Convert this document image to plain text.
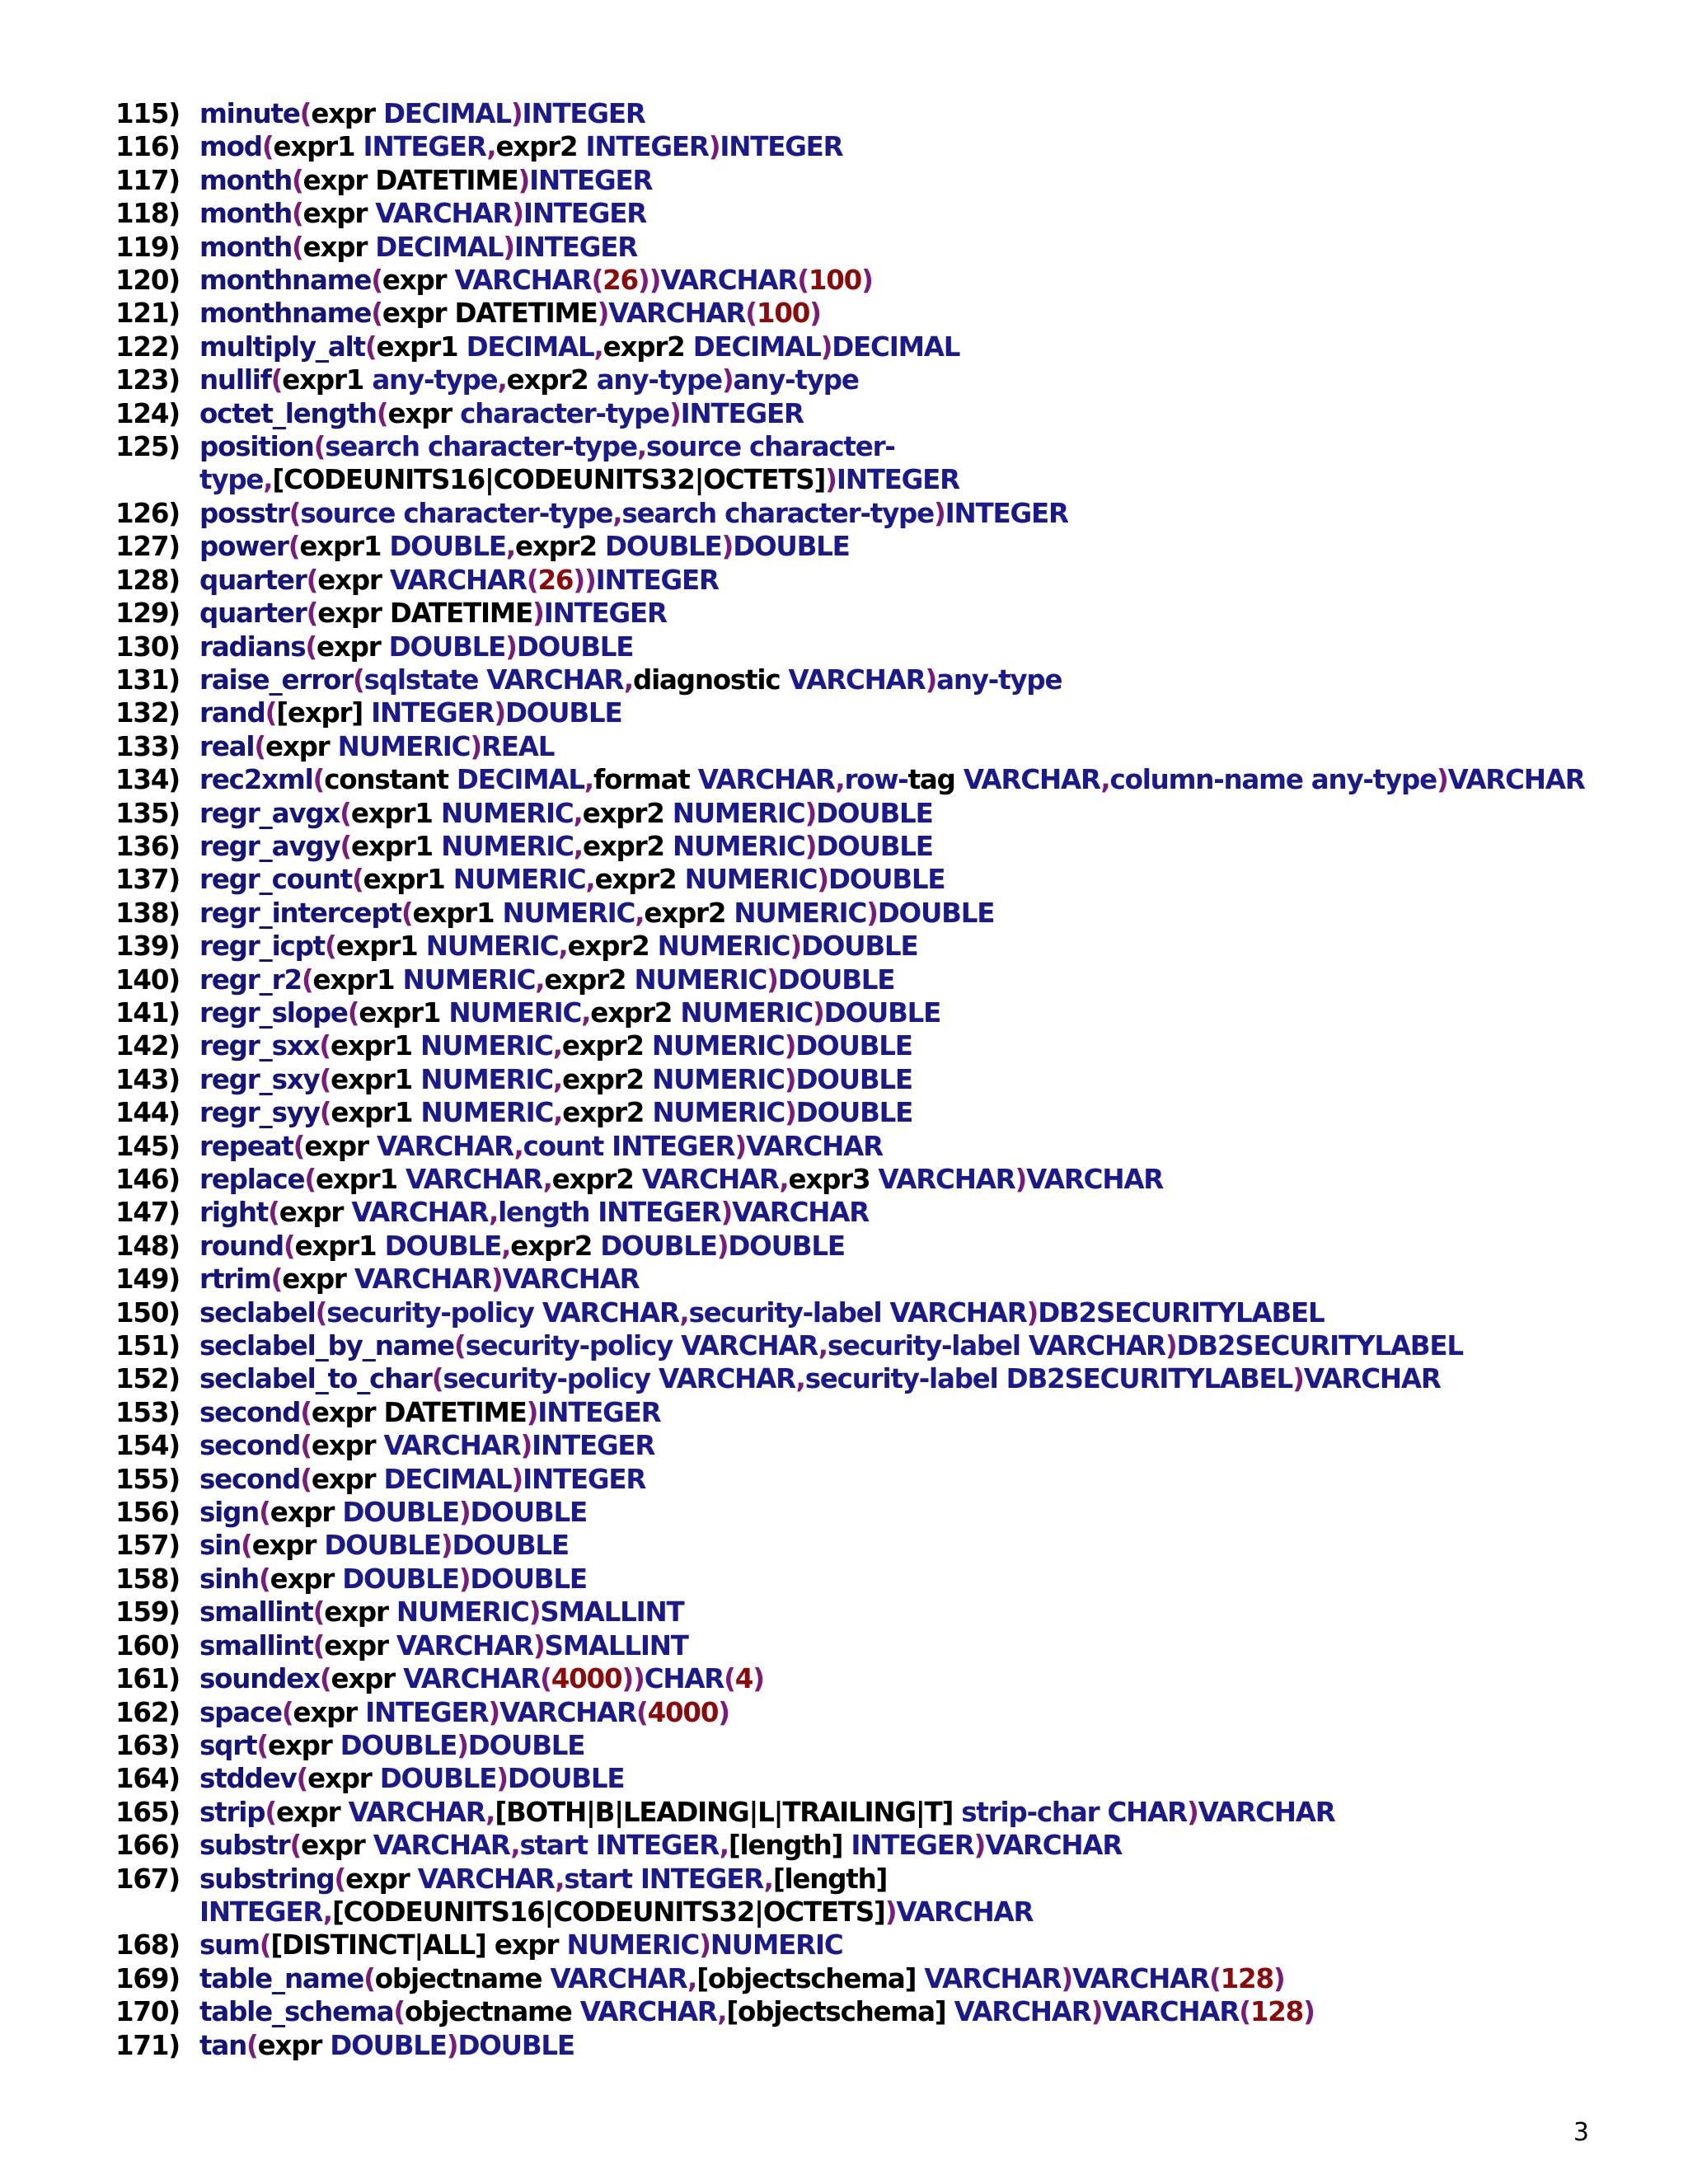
115) minute(expr DECIMAL)INTEGER
116) mod(expr1 INTEGER,expr2 INTEGER)INTEGER
117) month(expr DATETIME)INTEGER
118) month(expr VARCHAR)INTEGER
119) month(expr DECIMAL)INTEGER
120) monthname(expr VARCHAR(26))VARCHAR(100)
121) monthname(expr DATETIME)VARCHAR(100)
122) multiply_alt(expr1 DECIMAL,expr2 DECIMAL)DECIMAL
123) nullif(expr1 any-type,expr2 any-type)any-type
124) octet_length(expr character-type)INTEGER
125) position(search character-type,source character-
type,[CODEUNITS16|CODEUNITS32|OCTETS])INTEGER
126) posstr(source character-type,search character-type)INTEGER
127) power(expr1 DOUBLE,expr2 DOUBLE)DOUBLE
128) quarter(expr VARCHAR(26))INTEGER
129) quarter(expr DATETIME)INTEGER
130) radians(expr DOUBLE)DOUBLE
131) raise_error(sqlstate VARCHAR,diagnostic VARCHAR)any-type
132) rand([expr] INTEGER)DOUBLE
133) real(expr NUMERIC)REAL
134) rec2xml(constant DECIMAL,format VARCHAR,row-tag VARCHAR,column-name any-type)VARCHAR
135) regr_avgx(expr1 NUMERIC,expr2 NUMERIC)DOUBLE
136) regr_avgy(expr1 NUMERIC,expr2 NUMERIC)DOUBLE
137) regr_count(expr1 NUMERIC,expr2 NUMERIC)DOUBLE
138) regr_intercept(expr1 NUMERIC,expr2 NUMERIC)DOUBLE
139) regr_icpt(expr1 NUMERIC,expr2 NUMERIC)DOUBLE
140) regr_r2(expr1 NUMERIC,expr2 NUMERIC)DOUBLE
141) regr_slope(expr1 NUMERIC,expr2 NUMERIC)DOUBLE
142) regr_sxx(expr1 NUMERIC,expr2 NUMERIC)DOUBLE
143) regr_sxy(expr1 NUMERIC,expr2 NUMERIC)DOUBLE
144) regr_syy(expr1 NUMERIC,expr2 NUMERIC)DOUBLE
145) repeat(expr VARCHAR,count INTEGER)VARCHAR
146) replace(expr1 VARCHAR,expr2 VARCHAR,expr3 VARCHAR)VARCHAR
147) right(expr VARCHAR,length INTEGER)VARCHAR
148) round(expr1 DOUBLE,expr2 DOUBLE)DOUBLE
149) rtrim(expr VARCHAR)VARCHAR
150) seclabel(security-policy VARCHAR,security-label VARCHAR)DB2SECURITYLABEL
151) seclabel_by_name(security-policy VARCHAR,security-label VARCHAR)DB2SECURITYLABEL
152) seclabel_to_char(security-policy VARCHAR,security-label DB2SECURITYLABEL)VARCHAR
153) second(expr DATETIME)INTEGER
154) second(expr VARCHAR)INTEGER
155) second(expr DECIMAL)INTEGER
156) sign(expr DOUBLE)DOUBLE
157) sin(expr DOUBLE)DOUBLE
158) sinh(expr DOUBLE)DOUBLE
159) smallint(expr NUMERIC)SMALLINT
160) smallint(expr VARCHAR)SMALLINT
161) soundex(expr VARCHAR(4000))CHAR(4)
162) space(expr INTEGER)VARCHAR(4000)
163) sqrt(expr DOUBLE)DOUBLE
164) stddev(expr DOUBLE)DOUBLE
165) strip(expr VARCHAR,[BOTH|B|LEADING|L|TRAILING|T] strip-char CHAR)VARCHAR
166) substr(expr VARCHAR,start INTEGER,[length] INTEGER)VARCHAR
167) substring(expr VARCHAR,start INTEGER,[length]
INTEGER,[CODEUNITS16|CODEUNITS32|OCTETS])VARCHAR
168) sum([DISTINCT|ALL] expr NUMERIC)NUMERIC
169) table_name(objectname VARCHAR,[objectschema] VARCHAR)VARCHAR(128)
170) table_schema(objectname VARCHAR,[objectschema] VARCHAR)VARCHAR(128)
171) tan(expr DOUBLE)DOUBLE
3
